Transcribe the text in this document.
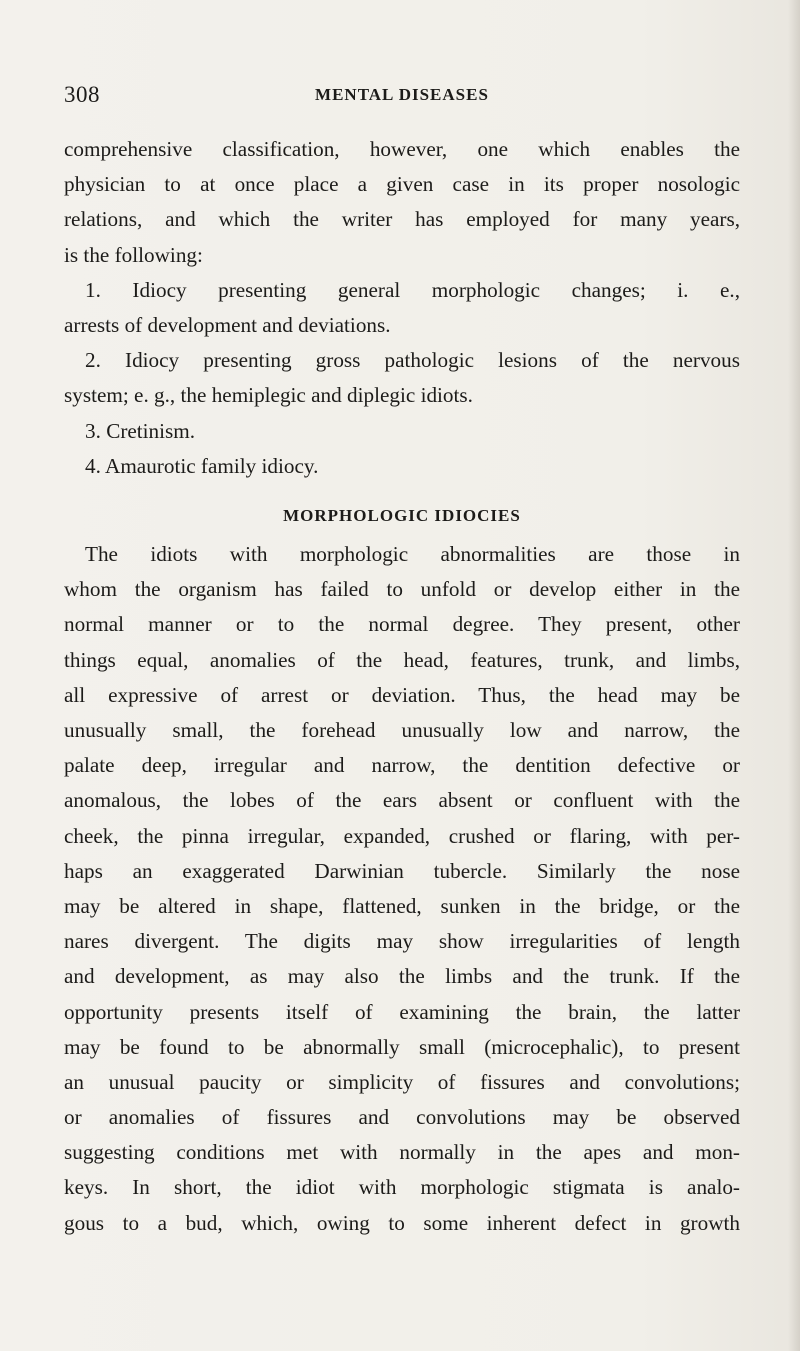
308	MENTAL DISEASES
comprehensive classification, however, one which enables the
physician to at once place a given case in its proper nosologic
relations, and which the writer has employed for many years,
is the following:
1. Idiocy presenting general morphologic changes; i. e.,
arrests of development and deviations.
2. Idiocy presenting gross pathologic lesions of the nervous
system; e. g., the hemiplegic and diplegic idiots.
3. Cretinism.
4. Amaurotic family idiocy.
MORPHOLOGIC IDIOCIES
The idiots with morphologic abnormalities are those in
whom the organism has failed to unfold or develop either in the
normal manner or to the normal degree. They present, other
things equal, anomalies of the head, features, trunk, and limbs,
all expressive of arrest or deviation. Thus, the head may be
unusually small, the forehead unusually low and narrow, the
palate deep, irregular and narrow, the dentition defective or
anomalous, the lobes of the ears absent or confluent with the
cheek, the pinna irregular, expanded, crushed or flaring, with per-
haps an exaggerated Darwinian tubercle. Similarly the nose
may be altered in shape, flattened, sunken in the bridge, or the
nares divergent. The digits may show irregularities of length
and development, as may also the limbs and the trunk. If the
opportunity presents itself of examining the brain, the latter
may be found to be abnormally small (microcephalic), to present
an unusual paucity or simplicity of fissures and convolutions;
or anomalies of fissures and convolutions may be observed
suggesting conditions met with normally in the apes and mon-
keys. In short, the idiot with morphologic stigmata is analo-
gous to a bud, which, owing to some inherent defect in growth
